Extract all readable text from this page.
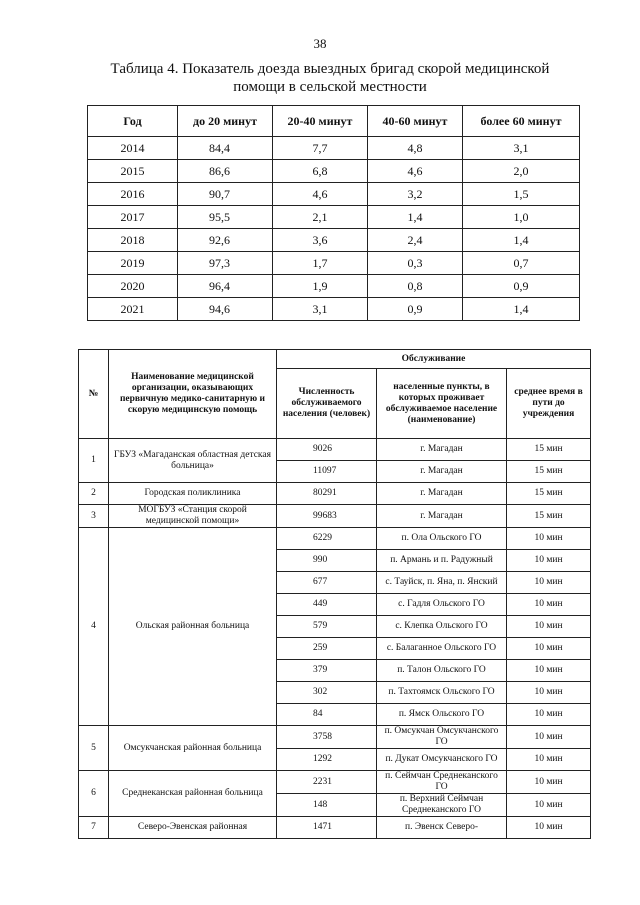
38
Таблица 4. Показатель доезда выездных бригад скорой медицинской
помощи в сельской местности
Год	до 20 минут	20-40 минут	40-60 минут	более 60 минут
2014	84,4	7,7	4,8	3,1
2015	86,6	6,8	4,6	2,0
2016	90,7	4,6	3,2	1,5
2017	95,5	2,1	1,4	1,0
2018	92,6	3,6	2,4	1,4
2019	97,3	1,7	0,3	0,7
2020	96,4	1,9	0,8	0,9
2021	94,6	3,1	0,9	1,4
№	Наименование медицинской организации, оказывающих первичную медико-санитарную и скорую медицинскую помощь	Обслуживание		
		Численность обслуживаемого населения (человек)	населенные пункты, в которых проживает обслуживаемое население (наименование)	среднее время в пути до учреждения
1	ГБУЗ «Магаданская областная детская больница»	9026	г. Магадан	15 мин
		11097	г. Магадан	15 мин
2	Городская поликлиника	80291	г. Магадан	15 мин
3	МОГБУЗ «Станция скорой медицинской помощи»	99683	г. Магадан	15 мин
4	Ольская районная больница	6229	п. Ола Ольского ГО	10 мин
		990	п. Армань и п. Радужный	10 мин
		677	с. Тауйск, п. Яна, п. Янский	10 мин
		449	с. Гадля Ольского ГО	10 мин
		579	с. Клепка Ольского ГО	10 мин
		259	с. Балаганное Ольского ГО	10 мин
		379	п. Талон Ольского ГО	10 мин
		302	п. Тахтоямск Ольского ГО	10 мин
		84	п. Ямск Ольского ГО	10 мин
5	Омсукчанская районная больница	3758	п. Омсукчан Омсукчанского ГО	10 мин
		1292	п. Дукат Омсукчанского ГО	10 мин
6	Среднеканская районная больница	2231	п. Сеймчан Среднеканского ГО	10 мин
		148	п. Верхний Сеймчан Среднеканского ГО	10 мин
7	Северо-Эвенская районная	1471	п. Эвенск Северо-	10 мин
